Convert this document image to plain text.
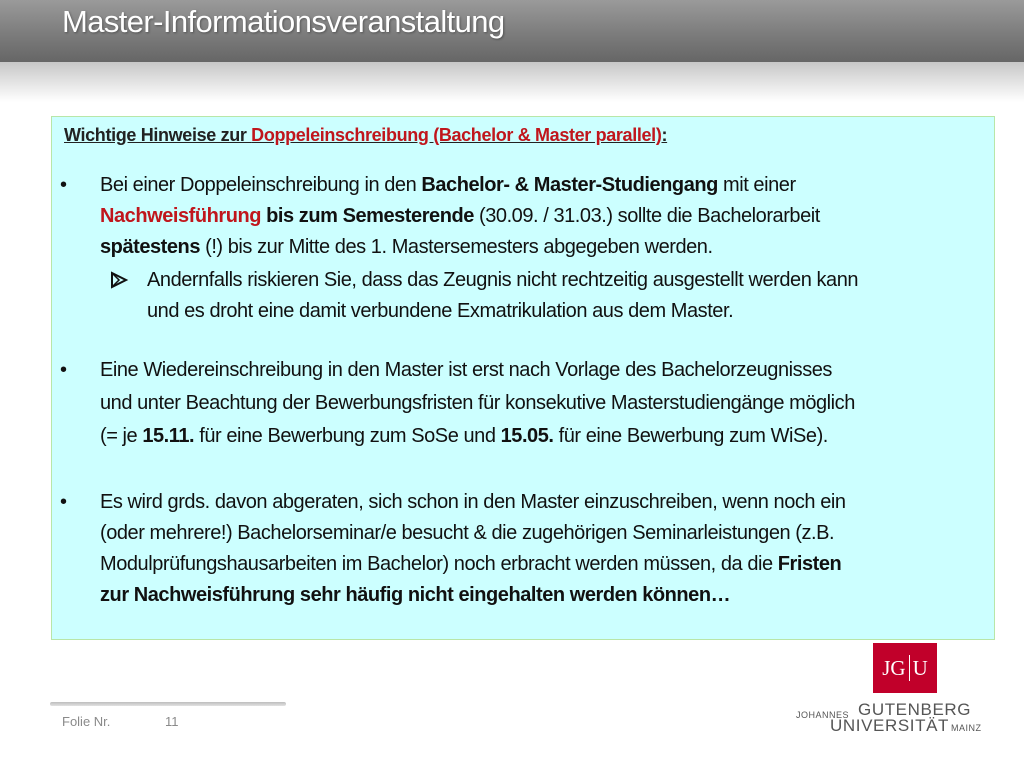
Master-Informationsveranstaltung
Wichtige Hinweise zur Doppeleinschreibung (Bachelor & Master parallel):
•	Bei einer Doppeleinschreibung in den Bachelor- & Master-Studiengang mit einer
Nachweisführung bis zum Semesterende (30.09. / 31.03.) sollte die Bachelorarbeit
spätestens (!) bis zur Mitte des 1. Mastersemesters abgegeben werden.
Andernfalls riskieren Sie, dass das Zeugnis nicht rechtzeitig ausgestellt werden kann
und es droht eine damit verbundene Exmatrikulation aus dem Master.
•	Eine Wiedereinschreibung in den Master ist erst nach Vorlage des Bachelorzeugnisses
und unter Beachtung der Bewerbungsfristen für konsekutive Masterstudiengänge möglich
(= je 15.11. für eine Bewerbung zum SoSe und 15.05. für eine Bewerbung zum WiSe).
•	Es wird grds. davon abgeraten, sich schon in den Master einzuschreiben, wenn noch ein
(oder mehrere!) Bachelorseminar/e besucht & die zugehörigen Seminarleistungen (z.B.
Modulprüfungshausarbeiten im Bachelor) noch erbracht werden müssen, da die Fristen
zur Nachweisführung sehr häufig nicht eingehalten werden können…
Folie Nr.	11
JG U
JOHANNES GUTENBERG
UNIVERSITÄT MAINZ
